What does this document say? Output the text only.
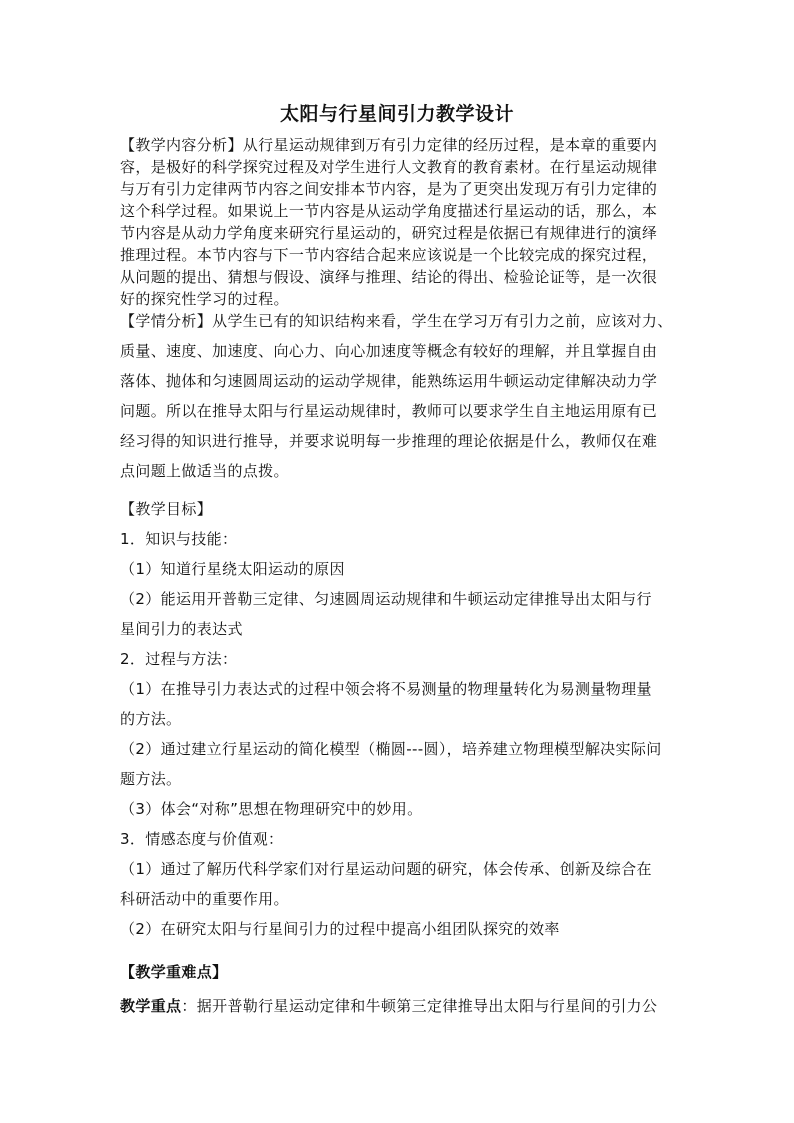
太阳与行星间引力教学设计
【教学内容分析】从行星运动规律到万有引力定律的经历过程，是本章的重要内
容，是极好的科学探究过程及对学生进行人文教育的教育素材。在行星运动规律
与万有引力定律两节内容之间安排本节内容，是为了更突出发现万有引力定律的
这个科学过程。如果说上一节内容是从运动学角度描述行星运动的话，那么，本
节内容是从动力学角度来研究行星运动的，研究过程是依据已有规律进行的演绎
推理过程。本节内容与下一节内容结合起来应该说是一个比较完成的探究过程，
从问题的提出、猜想与假设、演绎与推理、结论的得出、检验论证等，是一次很
好的探究性学习的过程。
【学情分析】从学生已有的知识结构来看，学生在学习万有引力之前，应该对力、
质量、速度、加速度、向心力、向心加速度等概念有较好的理解，并且掌握自由
落体、抛体和匀速圆周运动的运动学规律，能熟练运用牛顿运动定律解决动力学
问题。所以在推导太阳与行星运动规律时，教师可以要求学生自主地运用原有已
经习得的知识进行推导，并要求说明每一步推理的理论依据是什么，教师仅在难
点问题上做适当的点拨。
【教学目标】
1．知识与技能：
（1）知道行星绕太阳运动的原因
（2）能运用开普勒三定律、匀速圆周运动规律和牛顿运动定律推导出太阳与行
星间引力的表达式
2．过程与方法：
（1）在推导引力表达式的过程中领会将不易测量的物理量转化为易测量物理量
的方法。
（2）通过建立行星运动的简化模型（椭圆---圆），培养建立物理模型解决实际问
题方法。
（3）体会“对称”思想在物理研究中的妙用。
3．情感态度与价值观：
（1）通过了解历代科学家们对行星运动问题的研究，体会传承、创新及综合在
科研活动中的重要作用。
（2）在研究太阳与行星间引力的过程中提高小组团队探究的效率
【教学重难点】
教学重点：据开普勒行星运动定律和牛顿第三定律推导出太阳与行星间的引力公
